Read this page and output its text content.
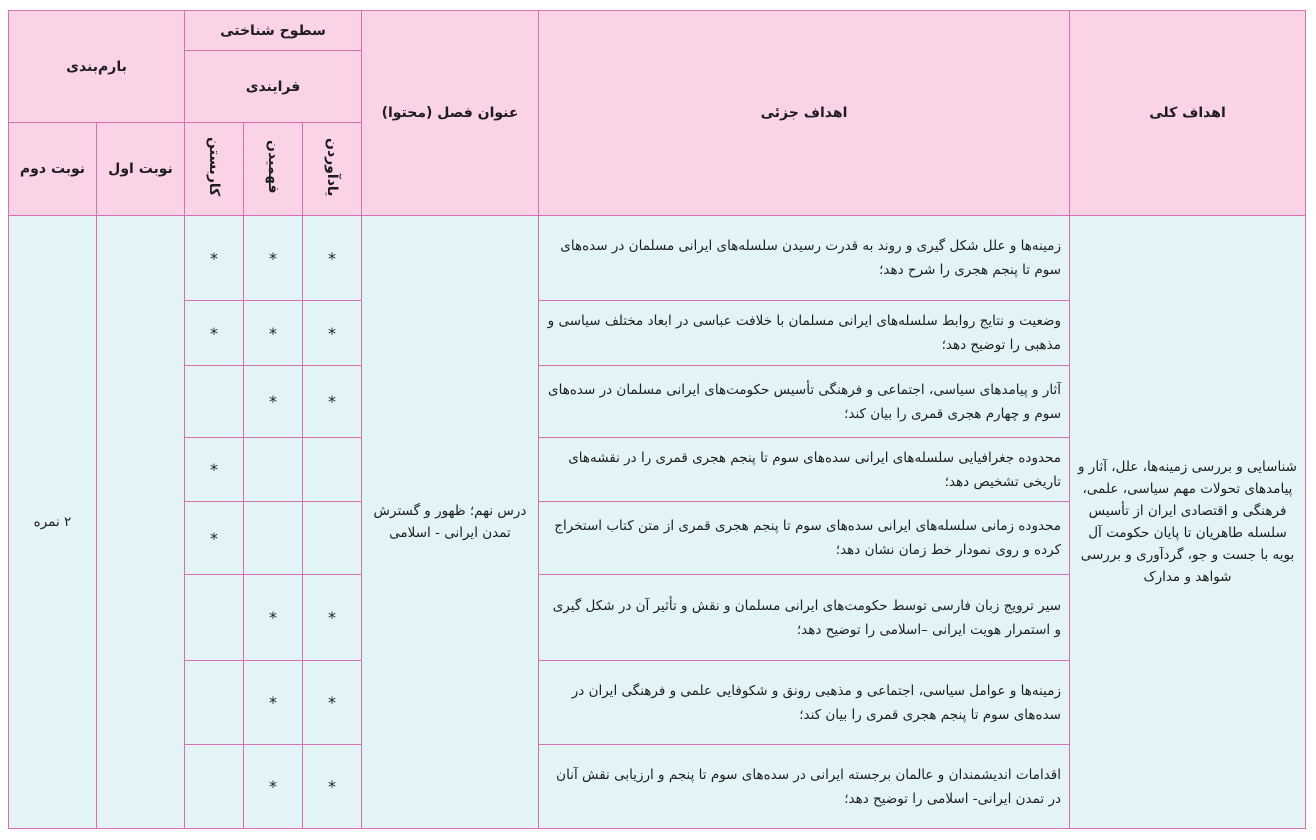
اهداف کلی	اهداف جزئی	عنوان فصل (محتوا)	سطوح شناختی			بارم‌بندی	
			فرایندی				
			یادآوردن	فهمیدن	کاربستن	نوبت اول	نوبت دوم
شناسایی و بررسی زمینه‌ها، علل، آثار و پیامدهای تحولات مهم سیاسی، علمی، فرهنگی و اقتصادی ایران از تأسیس سلسله طاهریان تا پایان حکومت آل بویه با جست و جو، گردآوری و بررسی شواهد و مدارک	زمینه‌ها و علل شکل گیری و روند به قدرت رسیدن سلسله‌های ایرانی مسلمان در سده‌های سوم تا پنجم هجری را شرح دهد؛	درس نهم؛ ظهور و گسترش تمدن ایرانی - اسلامی	*	*	*		۲ نمره
	وضعیت و نتایج روابط سلسله‌های ایرانی مسلمان با خلافت عباسی در ابعاد مختلف سیاسی و مذهبی را توضیح دهد؛		*	*	*		
	آثار و پیامدهای سیاسی، اجتماعی و فرهنگی تأسیس حکومت‌های ایرانی مسلمان در سده‌های سوم و چهارم هجری قمری را بیان کند؛		*	*			
	محدوده جغرافیایی سلسله‌های ایرانی سده‌های سوم تا پنجم هجری قمری را در نقشه‌های تاریخی تشخیص دهد؛				*		
	محدوده زمانی سلسله‌های ایرانی سده‌های سوم تا پنجم هجری قمری از متن کتاب استخراج کرده و روی نمودار خط زمان نشان دهد؛				*		
	سیر ترویج زبان فارسی توسط حکومت‌های ایرانی مسلمان و نقش و تأثیر آن در شکل گیری و استمرار هویت ایرانی –اسلامی را توضیح دهد؛		*	*			
	زمینه‌ها و عوامل سیاسی، اجتماعی و مذهبی رونق و شکوفایی علمی و فرهنگی ایران در سده‌های سوم تا پنجم هجری قمری را بیان کند؛		*	*			
	اقدامات اندیشمندان و عالمان برجسته ایرانی در سده‌های سوم تا پنجم و ارزیابی نقش آنان در تمدن ایرانی- اسلامی را توضیح دهد؛		*	*			
